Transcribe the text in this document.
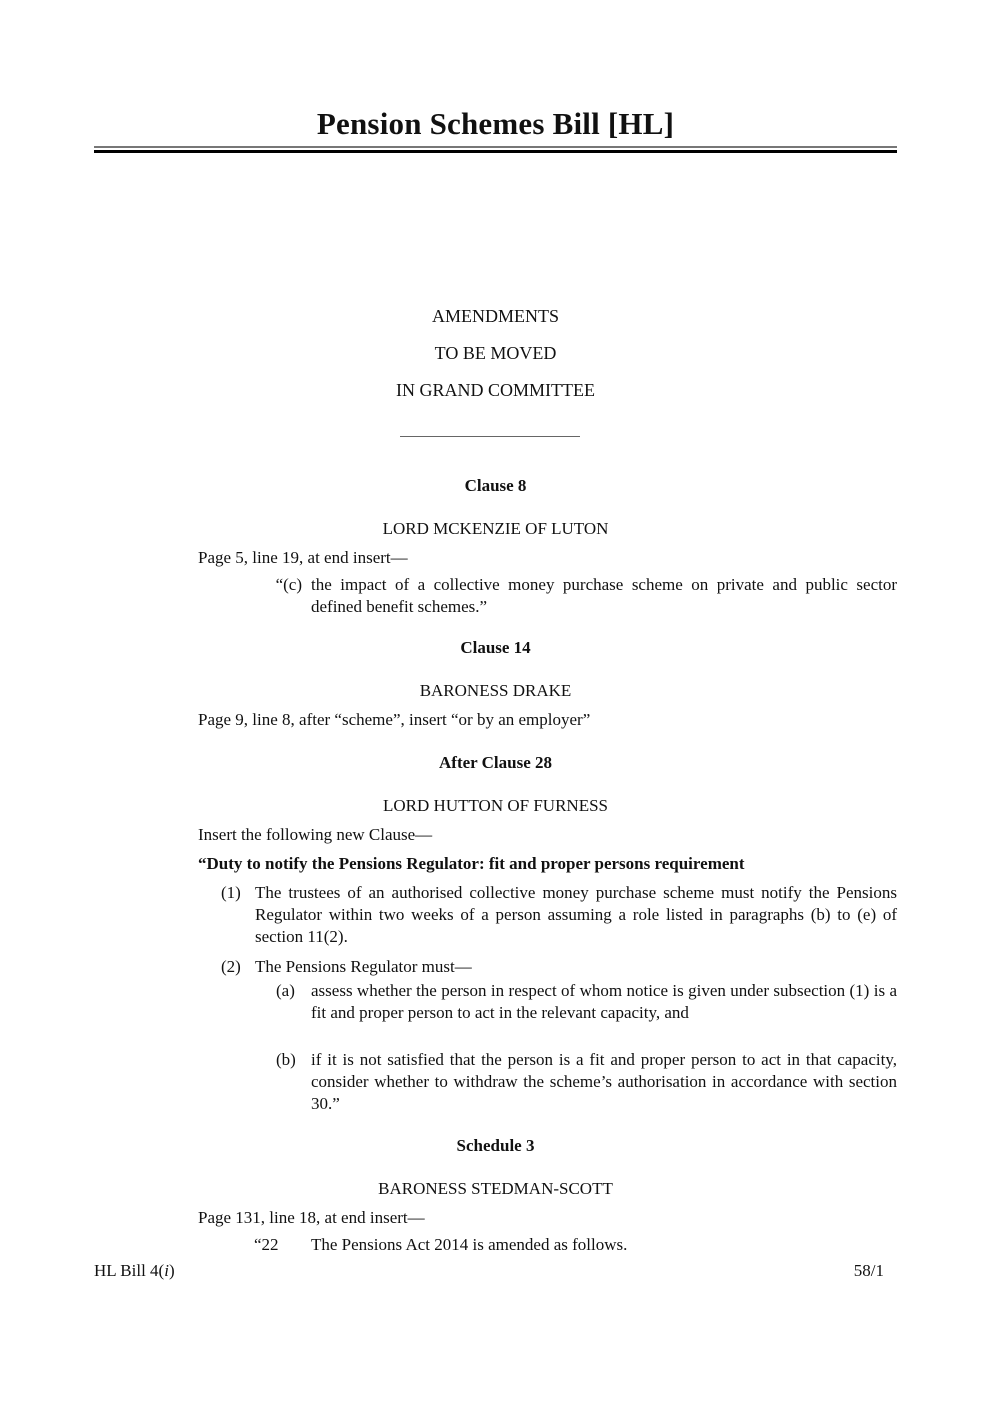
Pension Schemes Bill [HL]
AMENDMENTS
TO BE MOVED
IN GRAND COMMITTEE
Clause 8
LORD MCKENZIE OF LUTON
Page 5, line 19, at end insert—
“(c) the impact of a collective money purchase scheme on private and public sector defined benefit schemes.”
Clause 14
BARONESS DRAKE
Page 9, line 8, after “scheme”, insert “or by an employer”
After Clause 28
LORD HUTTON OF FURNESS
Insert the following new Clause—
“Duty to notify the Pensions Regulator: fit and proper persons requirement
(1) The trustees of an authorised collective money purchase scheme must notify the Pensions Regulator within two weeks of a person assuming a role listed in paragraphs (b) to (e) of section 11(2).
(2) The Pensions Regulator must—
(a) assess whether the person in respect of whom notice is given under subsection (1) is a fit and proper person to act in the relevant capacity, and
(b) if it is not satisfied that the person is a fit and proper person to act in that capacity, consider whether to withdraw the scheme’s authorisation in accordance with section 30.”
Schedule 3
BARONESS STEDMAN-SCOTT
Page 131, line 18, at end insert—
“22 The Pensions Act 2014 is amended as follows.
HL Bill 4(i)	58/1
